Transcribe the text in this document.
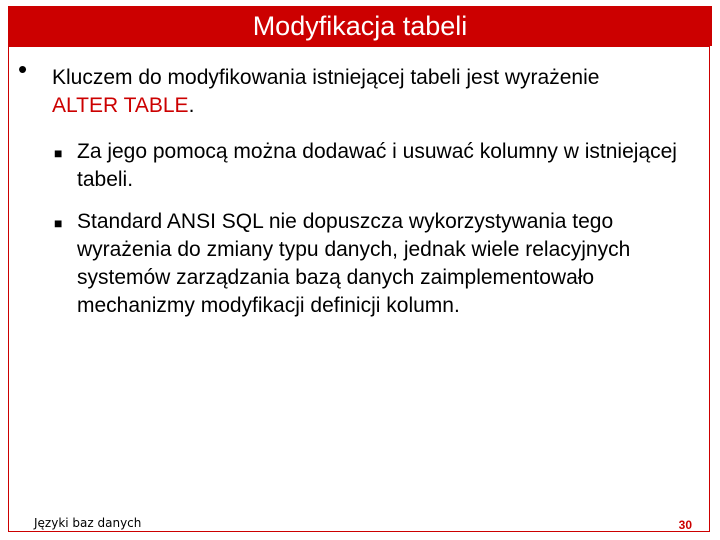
Modyfikacja tabeli
• Kluczem do modyfikowania istniejącej tabeli jest wyrażenie
ALTER TABLE.
■ Za jego pomocą można dodawać i usuwać kolumny w istniejącej tabeli.
■ Standard ANSI SQL nie dopuszcza wykorzystywania tego wyrażenia do zmiany typu danych, jednak wiele relacyjnych systemów zarządzania bazą danych zaimplementowało mechanizmy modyfikacji definicji kolumn.
Języki baz danych	30
